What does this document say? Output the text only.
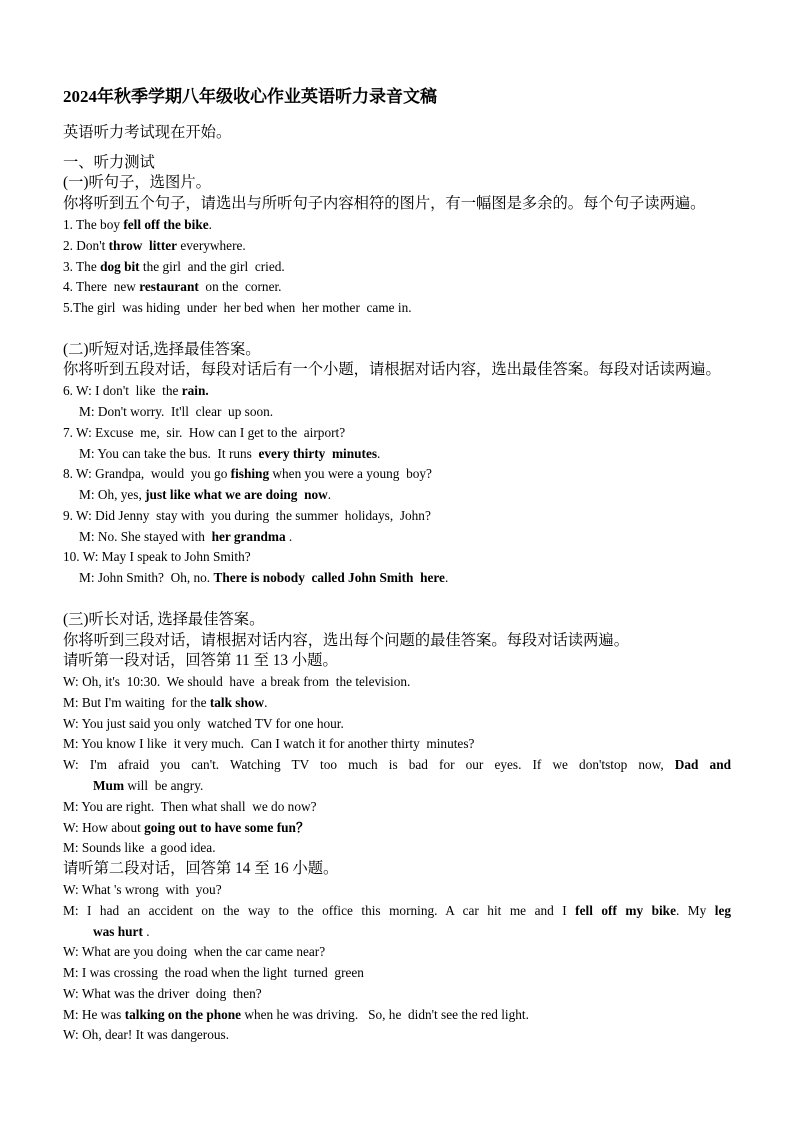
2024年秋季学期八年级收心作业英语听力录音文稿
英语听力考试现在开始。
一、听力测试
(一)听句子，选图片。
你将听到五个句子，请选出与所听句子内容相符的图片，有一幅图是多余的。每个句子读两遍。
1. The boy fell off the bike.
2. Don't throw  litter everywhere.
3. The dog bit the girl  and the girl  cried.
4. There  new restaurant  on the  corner.
5.The girl  was hiding  under  her bed when  her mother  came in.
(二)听短对话,选择最佳答案。
你将听到五段对话，每段对话后有一个小题，请根据对话内容，选出最佳答案。每段对话读两遍。
6. W: I don't  like  the rain.
M: Don't worry.  It'll  clear  up soon.
7. W: Excuse  me,  sir.  How can I get to the  airport?
M: You can take the bus.  It runs  every thirty  minutes.
8. W: Grandpa,  would  you go fishing when you were a young  boy?
M: Oh, yes, just like what we are doing  now.
9. W: Did Jenny  stay with  you during  the summer  holidays,  John?
M: No. She stayed with  her grandma .
10. W: May I speak to John Smith?
M: John Smith?  Oh, no. There is nobody  called John Smith  here.
(三)听长对话, 选择最佳答案。
你将听到三段对话，请根据对话内容，选出每个问题的最佳答案。每段对话读两遍。
请听第一段对话，回答第 11 至 13 小题。
W: Oh, it's  10:30.  We should  have  a break from  the television.
M: But I'm waiting  for the talk show.
W: You just said you only  watched TV for one hour.
M: You know I like  it very much.  Can I watch it for another thirty  minutes?
W: I'm afraid you can't. Watching TV too much is bad for our eyes. If we don'tstop now, Dad and
Mum will  be angry.
M: You are right.  Then what shall  we do now?
W: How about going out to have some fun？
M: Sounds like  a good idea.
请听第二段对话，回答第 14 至 16 小题。
W: What 's wrong  with  you?
M: I had an accident on the way to the office this morning. A car hit me and I fell off my bike. My leg
was hurt .
W: What are you doing  when the car came near?
M: I was crossing  the road when the light  turned  green
W: What was the driver  doing  then?
M: He was talking on the phone when he was driving.   So, he  didn't see the red light.
W: Oh, dear! It was dangerous.
